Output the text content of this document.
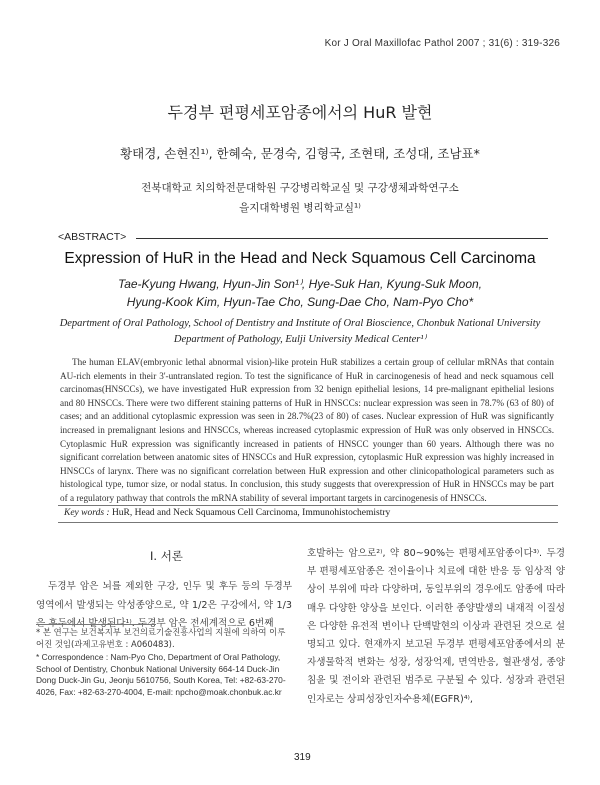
Kor J Oral Maxillofac Pathol 2007 ; 31(6) : 319-326
두경부 편평세포암종에서의 HuR 발현
황태경, 손현진¹⁾, 한혜숙, 문경숙, 김형국, 조현태, 조성대, 조남표*
전북대학교 치의학전문대학원 구강병리학교실 및 구강생체과학연구소
을지대학병원 병리학교실¹⁾
<ABSTRACT>
Expression of HuR in the Head and Neck Squamous Cell Carcinoma
Tae-Kyung Hwang, Hyun-Jin Son¹⁾, Hye-Suk Han, Kyung-Suk Moon,
Hyung-Kook Kim, Hyun-Tae Cho, Sung-Dae Cho, Nam-Pyo Cho*
Department of Oral Pathology, School of Dentistry and Institute of Oral Bioscience, Chonbuk National University
Department of Pathology, Eulji University Medical Center¹⁾

The human ELAV(embryonic lethal abnormal vision)-like protein HuR stabilizes a certain group of cellular mRNAs that contain AU-rich elements in their 3'-untranslated region. To test the significance of HuR in carcinogenesis of head and neck squamous cell carcinomas(HNSCCs), we have investigated HuR expression from 32 benign epithelial lesions, 14 pre-malignant epithelial lesions and 80 HNSCCs. There were two different staining patterns of HuR in HNSCCs: nuclear expression was seen in 78.7% (63 of 80) of cases; and an additional cytoplasmic expression was seen in 28.7%(23 of 80) of cases. Nuclear expression of HuR was significantly increased in premalignant lesions and HNSCCs, whereas increased cytoplasmic expression of HuR was only observed in HNSCCs. Cytoplasmic HuR expression was significantly increased in patients of HNSCC younger than 60 years. Although there was no significant correlation between anatomic sites of HNSCCs and HuR expression, cytoplasmic HuR expression was highly increased in HNSCCs of larynx. There was no significant correlation between HuR expression and other clinicopathological parameters such as histological type, tumor size, or nodal status. In conclusion, this study suggests that overexpression of HuR in HNSCCs may be part of a regulatory pathway that controls the mRNA stability of several important targets in carcinogenesis of HNSCCs.

Key words : HuR, Head and Neck Squamous Cell Carcinoma, Immunohistochemistry
I. 서론

두경부 암은 뇌를 제외한 구강, 인두 및 후두 등의 두경부 영역에서 발생되는 악성종양으로, 약 1/2은 구강에서, 약 1/3은 후두에서 발생된다¹⁾. 두경부 암은 전세계적으로 6번째

호발하는 암으로²⁾, 약 80~90%는 편평세포암종이다³⁾. 두경부 편평세포암종은 전이율이나 치료에 대한 반응 등 임상적 양상이 부위에 따라 다양하며, 동일부위의 경우에도 암종에 따라 매우 다양한 양상을 보인다. 이러한 종양발생의 내재적 이질성은 다양한 유전적 변이나 단백발현의 이상과 관련된 것으로 설명되고 있다. 현재까지 보고된 두경부 편평세포암종에서의 분자생물학적 변화는 성장, 성장억제, 면역반응, 혈관생성, 종양침윤 및 전이와 관련된 범주로 구분될 수 있다. 성장과 관련된 인자로는 상피성장인자수용체(EGFR)⁴⁾,

* 본 연구는 보건복지부 보건의료기술진흥사업의 지원에 의하여 이루어진 것임(과제고유번호 : A060483).
* Correspondence : Nam-Pyo Cho, Department of Oral Pathology, School of Dentistry, Chonbuk National University 664-14 Duck-Jin Dong Duck-Jin Gu, Jeonju 5610756, South Korea, Tel: +82-63-270-4026, Fax: +82-63-270-4004, E-mail: npcho@moak.chonbuk.ac.kr
319
